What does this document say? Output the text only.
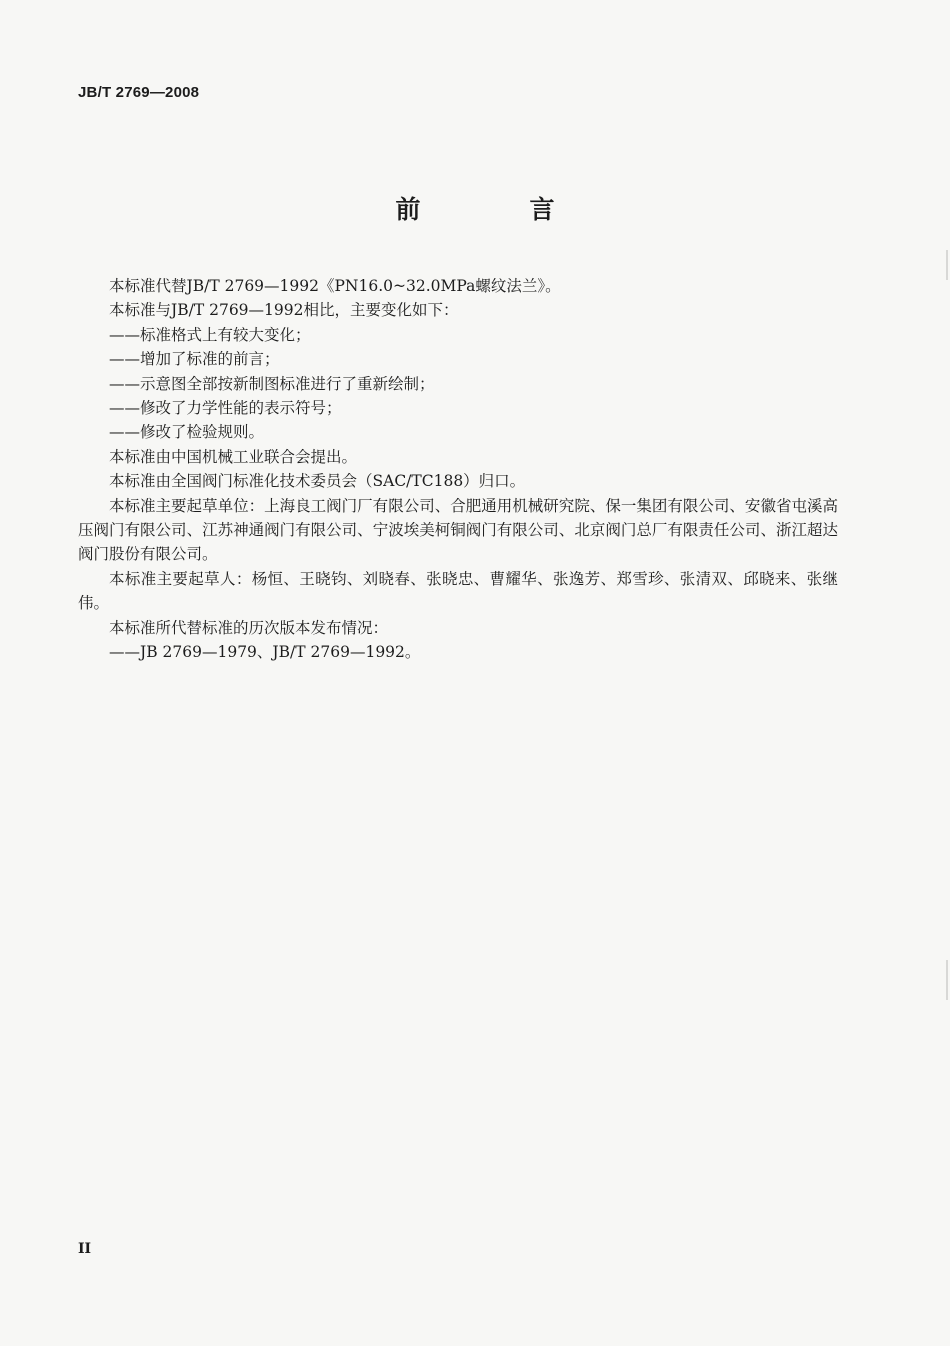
JB/T 2769—2008
前　言

本标准代替JB/T 2769—1992《PN16.0~32.0MPa螺纹法兰》。

本标准与JB/T 2769—1992相比，主要变化如下：

——标准格式上有较大变化；

——增加了标准的前言；

——示意图全部按新制图标准进行了重新绘制；

——修改了力学性能的表示符号；

——修改了检验规则。

本标准由中国机械工业联合会提出。

本标准由全国阀门标准化技术委员会（SAC/TC188）归口。

本标准主要起草单位：上海良工阀门厂有限公司、合肥通用机械研究院、保一集团有限公司、安徽省屯溪高压阀门有限公司、江苏神通阀门有限公司、宁波埃美柯铜阀门有限公司、北京阀门总厂有限责任公司、浙江超达阀门股份有限公司。

本标准主要起草人：杨恒、王晓钧、刘晓春、张晓忠、曹耀华、张逸芳、郑雪珍、张清双、邱晓来、张继伟。

本标准所代替标准的历次版本发布情况：

——JB 2769—1979、JB/T 2769—1992。

II
